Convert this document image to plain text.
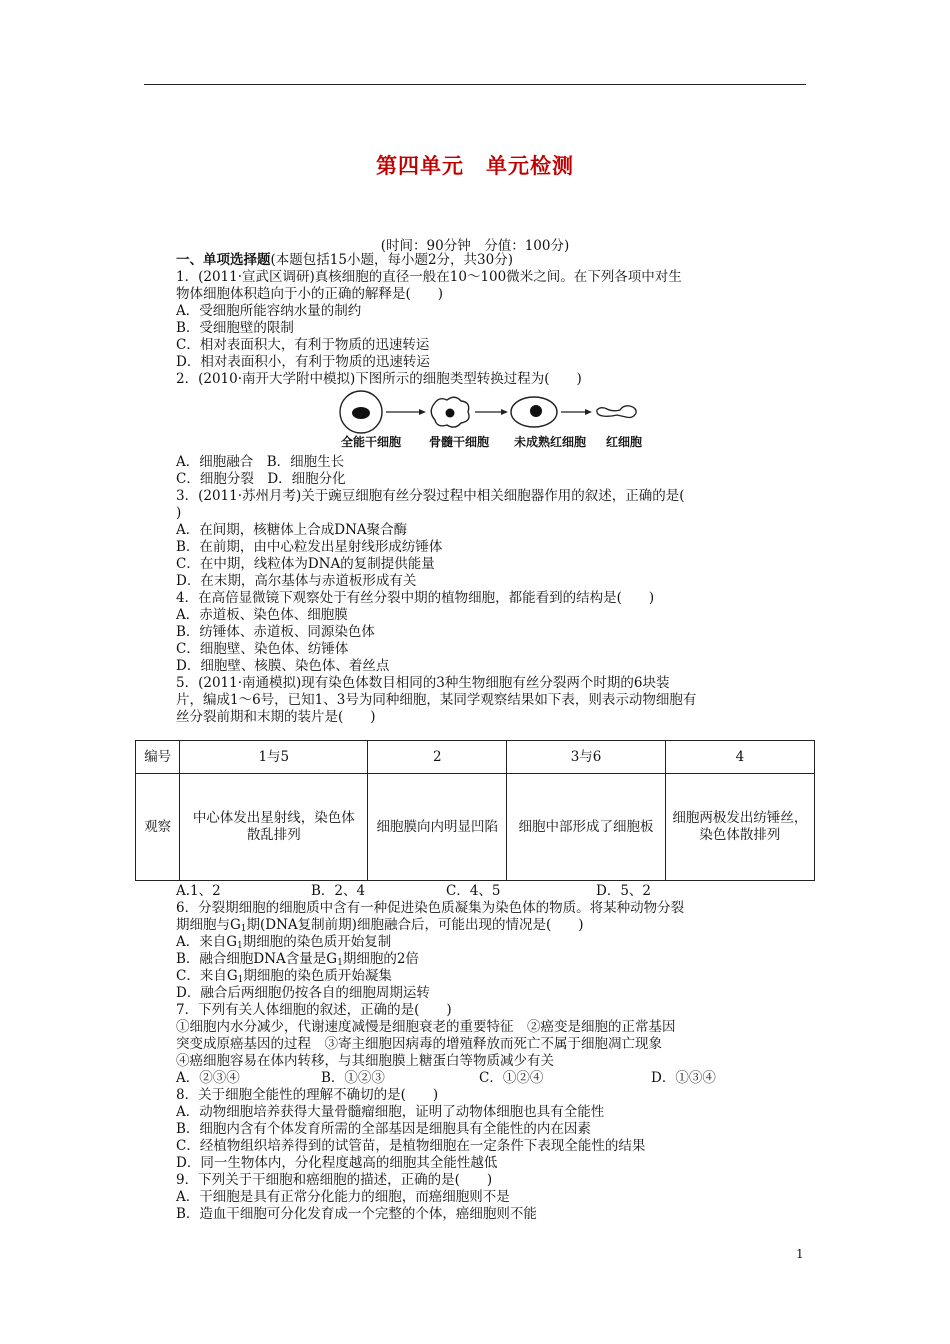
第四单元 单元检测
(时间：90分钟　分值：100分)
一、单项选择题(本题包括15小题，每小题2分，共30分)
1．(2011·宣武区调研)真核细胞的直径一般在10～100微米之间。在下列各项中对生
物体细胞体积趋向于小的正确的解释是(　　)
A．受细胞所能容纳水量的制约
B．受细胞壁的限制
C．相对表面积大，有利于物质的迅速转运
D．相对表面积小，有利于物质的迅速转运
2．(2010·南开大学附中模拟)下图所示的细胞类型转换过程为(　　)
全能干细胞 骨髓干细胞 未成熟红细胞 红细胞
A．细胞融合　B．细胞生长
C．细胞分裂　D．细胞分化
3．(2011·苏州月考)关于豌豆细胞有丝分裂过程中相关细胞器作用的叙述，正确的是(
)
A．在间期，核糖体上合成DNA聚合酶
B．在前期，由中心粒发出星射线形成纺锤体
C．在中期，线粒体为DNA的复制提供能量
D．在末期，高尔基体与赤道板形成有关
4．在高倍显微镜下观察处于有丝分裂中期的植物细胞，都能看到的结构是(　　)
A．赤道板、染色体、细胞膜
B．纺锤体、赤道板、同源染色体
C．细胞壁、染色体、纺锤体
D．细胞壁、核膜、染色体、着丝点
5．(2011·南通模拟)现有染色体数目相同的3种生物细胞有丝分裂两个时期的6块装
片，编成1～6号，已知1、3号为同种细胞，某同学观察结果如下表，则表示动物细胞有
丝分裂前期和末期的装片是(　　)
编号	1与5	2	3与6	4
观察	中心体发出星射线，染色体散乱排列	细胞膜向内明显凹陷	细胞中部形成了细胞板	细胞两极发出纺锤丝，染色体散排列
A.1、2	B．2、4	C．4、5	D．5、2
6．分裂期细胞的细胞质中含有一种促进染色质凝集为染色体的物质。将某种动物分裂
期细胞与$G_1$期(DNA复制前期)细胞融合后，可能出现的情况是(　　)
A．来自$G_1$期细胞的染色质开始复制
B．融合细胞DNA含量是$G_1$期细胞的2倍
C．来自$G_1$期细胞的染色质开始凝集
D．融合后两细胞仍按各自的细胞周期运转
7．下列有关人体细胞的叙述，正确的是(　　)
①细胞内水分减少，代谢速度减慢是细胞衰老的重要特征　②癌变是细胞的正常基因
突变成原癌基因的过程　③寄主细胞因病毒的增殖释放而死亡不属于细胞凋亡现象
④癌细胞容易在体内转移，与其细胞膜上糖蛋白等物质减少有关
A．②③④	B．①②③	C．①②④	D．①③④
8．关于细胞全能性的理解不确切的是(　　)
A．动物细胞培养获得大量骨髓瘤细胞，证明了动物体细胞也具有全能性
B．细胞内含有个体发育所需的全部基因是细胞具有全能性的内在因素
C．经植物组织培养得到的试管苗，是植物细胞在一定条件下表现全能性的结果
D．同一生物体内，分化程度越高的细胞其全能性越低
9．下列关于干细胞和癌细胞的描述，正确的是(　　)
A．干细胞是具有正常分化能力的细胞，而癌细胞则不是
B．造血干细胞可分化发育成一个完整的个体，癌细胞则不能
1
